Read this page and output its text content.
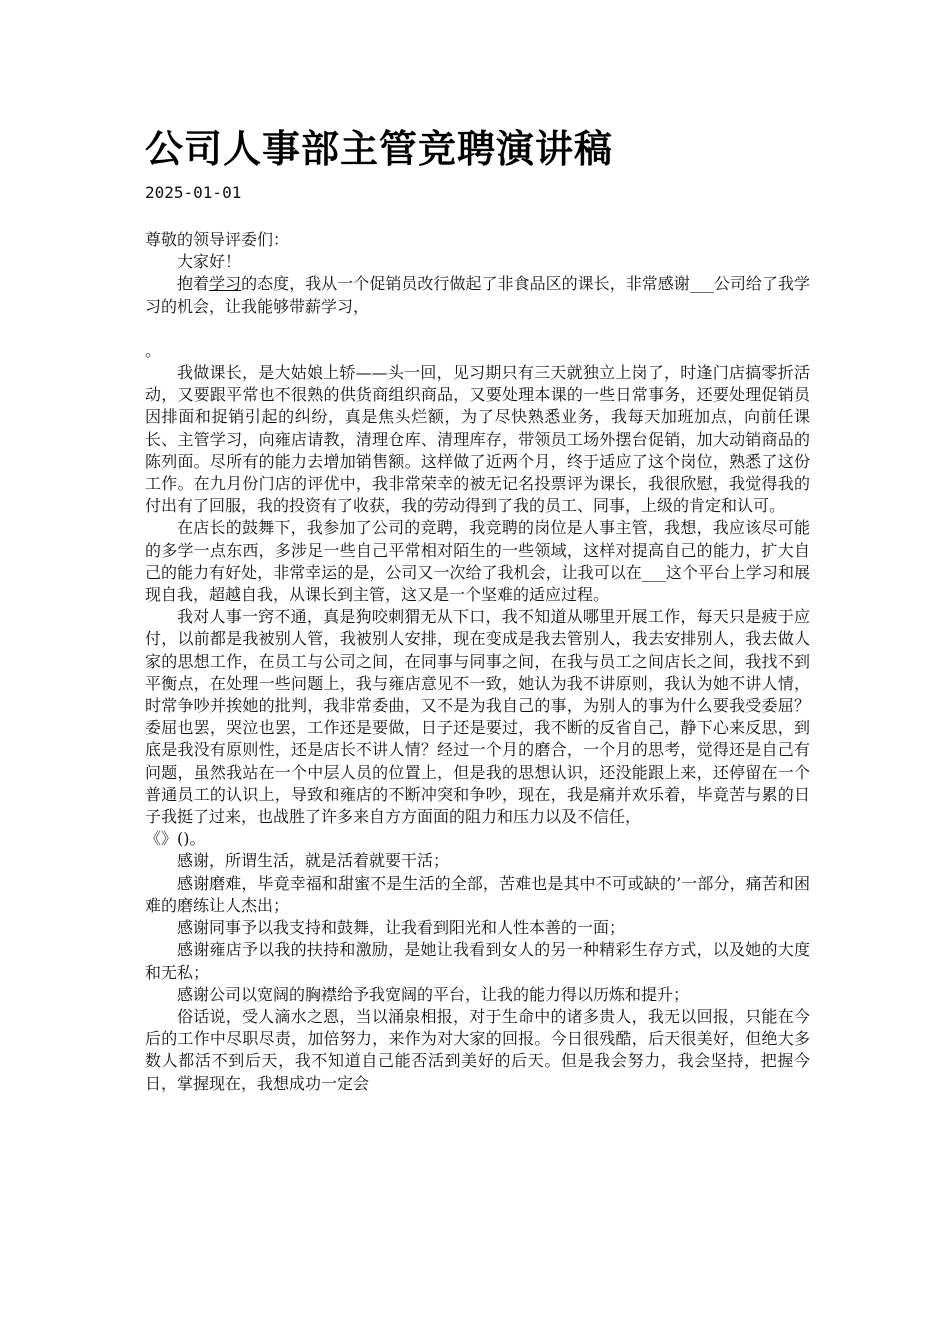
公司人事部主管竞聘演讲稿
2025-01-01

尊敬的领导评委们：

大家好！

抱着学习的态度，我从一个促销员改行做起了非食品区的课长，非常感谢___公司给了我学习的机会，让我能够带薪学习，

。

我做课长，是大姑娘上轿——头一回，见习期只有三天就独立上岗了，时逢门店搞零折活动，又要跟平常也不很熟的供货商组织商品，又要处理本课的一些日常事务，还要处理促销员因排面和捉销引起的纠纷，真是焦头烂额，为了尽快熟悉业务，我每天加班加点，向前任课长、主管学习，向雍店请教，清理仓库、清理库存，带领员工场外摆台促销，加大动销商品的陈列面。尽所有的能力去增加销售额。这样做了近两个月，终于适应了这个岗位，熟悉了这份工作。在九月份门店的评优中，我非常荣幸的被无记名投票评为课长，我很欣慰，我觉得我的付出有了回服，我的投资有了收获，我的劳动得到了我的员工、同事，上级的肯定和认可。

在店长的鼓舞下，我参加了公司的竞聘，我竞聘的岗位是人事主管，我想，我应该尽可能的多学一点东西，多涉足一些自己平常相对陌生的一些领域，这样对提高自己的能力，扩大自己的能力有好处，非常幸运的是，公司又一次给了我机会，让我可以在___这个平台上学习和展现自我，超越自我，从课长到主管，这又是一个坚难的适应过程。

我对人事一窍不通，真是狗咬刺猬无从下口，我不知道从哪里开展工作，每天只是疲于应付，以前都是我被别人管，我被别人安排，现在变成是我去管别人，我去安排别人，我去做人家的思想工作，在员工与公司之间，在同事与同事之间，在我与员工之间店长之间，我找不到平衡点，在处理一些问题上，我与雍店意见不一致，她认为我不讲原则，我认为她不讲人情，时常争吵并挨她的批判，我非常委曲，又不是为我自己的事，为别人的事为什么要我受委屈？委屈也罢，哭泣也罢，工作还是要做，日子还是要过，我不断的反省自己，静下心来反思，到底是我没有原则性，还是店长不讲人情？经过一个月的磨合，一个月的思考，觉得还是自己有问题，虽然我站在一个中层人员的位置上，但是我的思想认识，还没能跟上来，还停留在一个普通员工的认识上，导致和雍店的不断冲突和争吵，现在，我是痛并欢乐着，毕竟苦与累的日子我挺了过来，也战胜了许多来自方方面面的阻力和压力以及不信任，

《》()。

感谢，所谓生活，就是活着就要干活；

感谢磨难，毕竟幸福和甜蜜不是生活的全部，苦难也是其中不可或缺的’一部分，痛苦和困难的磨练让人杰出；

感谢同事予以我支持和鼓舞，让我看到阳光和人性本善的一面；

感谢雍店予以我的扶持和激励，是她让我看到女人的另一种精彩生存方式，以及她的大度和无私；

感谢公司以宽阔的胸襟给予我宽阔的平台，让我的能力得以历炼和提升；

俗话说，受人滴水之恩，当以涌泉相报，对于生命中的诸多贵人，我无以回报，只能在今后的工作中尽职尽责，加倍努力，来作为对大家的回报。今日很残酷，后天很美好，但绝大多数人都活不到后天，我不知道自己能否活到美好的后天。但是我会努力，我会坚持，把握今日，掌握现在，我想成功一定会
